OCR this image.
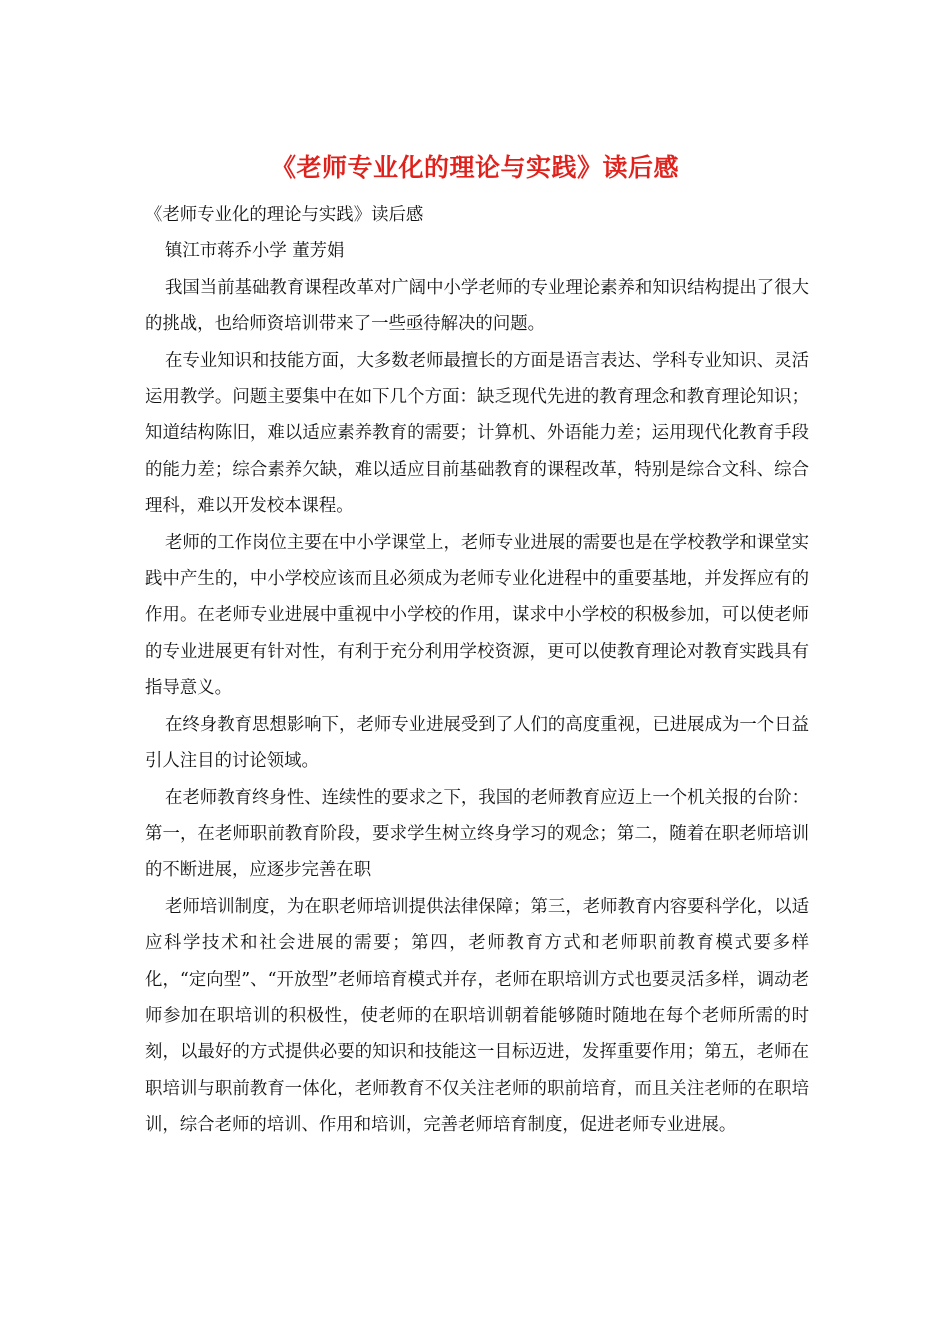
《老师专业化的理论与实践》读后感

《老师专业化的理论与实践》读后感

镇江市蒋乔小学 董芳娟

我国当前基础教育课程改革对广阔中小学老师的专业理论素养和知识结构提出了很大的挑战，也给师资培训带来了一些亟待解决的问题。

在专业知识和技能方面，大多数老师最擅长的方面是语言表达、学科专业知识、灵活运用教学。问题主要集中在如下几个方面：缺乏现代先进的教育理念和教育理论知识；知道结构陈旧，难以适应素养教育的需要；计算机、外语能力差；运用现代化教育手段的能力差；综合素养欠缺，难以适应目前基础教育的课程改革，特别是综合文科、综合理科，难以开发校本课程。

老师的工作岗位主要在中小学课堂上，老师专业进展的需要也是在学校教学和课堂实践中产生的，中小学校应该而且必须成为老师专业化进程中的重要基地，并发挥应有的作用。在老师专业进展中重视中小学校的作用，谋求中小学校的积极参加，可以使老师的专业进展更有针对性，有利于充分利用学校资源，更可以使教育理论对教育实践具有指导意义。

在终身教育思想影响下，老师专业进展受到了人们的高度重视，已进展成为一个日益引人注目的讨论领域。

在老师教育终身性、连续性的要求之下，我国的老师教育应迈上一个机关报的台阶：第一，在老师职前教育阶段，要求学生树立终身学习的观念；第二，随着在职老师培训的不断进展，应逐步完善在职

老师培训制度，为在职老师培训提供法律保障；第三，老师教育内容要科学化，以适应科学技术和社会进展的需要；第四，老师教育方式和老师职前教育模式要多样化，“定向型”、“开放型”老师培育模式并存，老师在职培训方式也要灵活多样，调动老师参加在职培训的积极性，使老师的在职培训朝着能够随时随地在每个老师所需的时刻，以最好的方式提供必要的知识和技能这一目标迈进，发挥重要作用；第五，老师在职培训与职前教育一体化，老师教育不仅关注老师的职前培育，而且关注老师的在职培训，综合老师的培训、作用和培训，完善老师培育制度，促进老师专业进展。
